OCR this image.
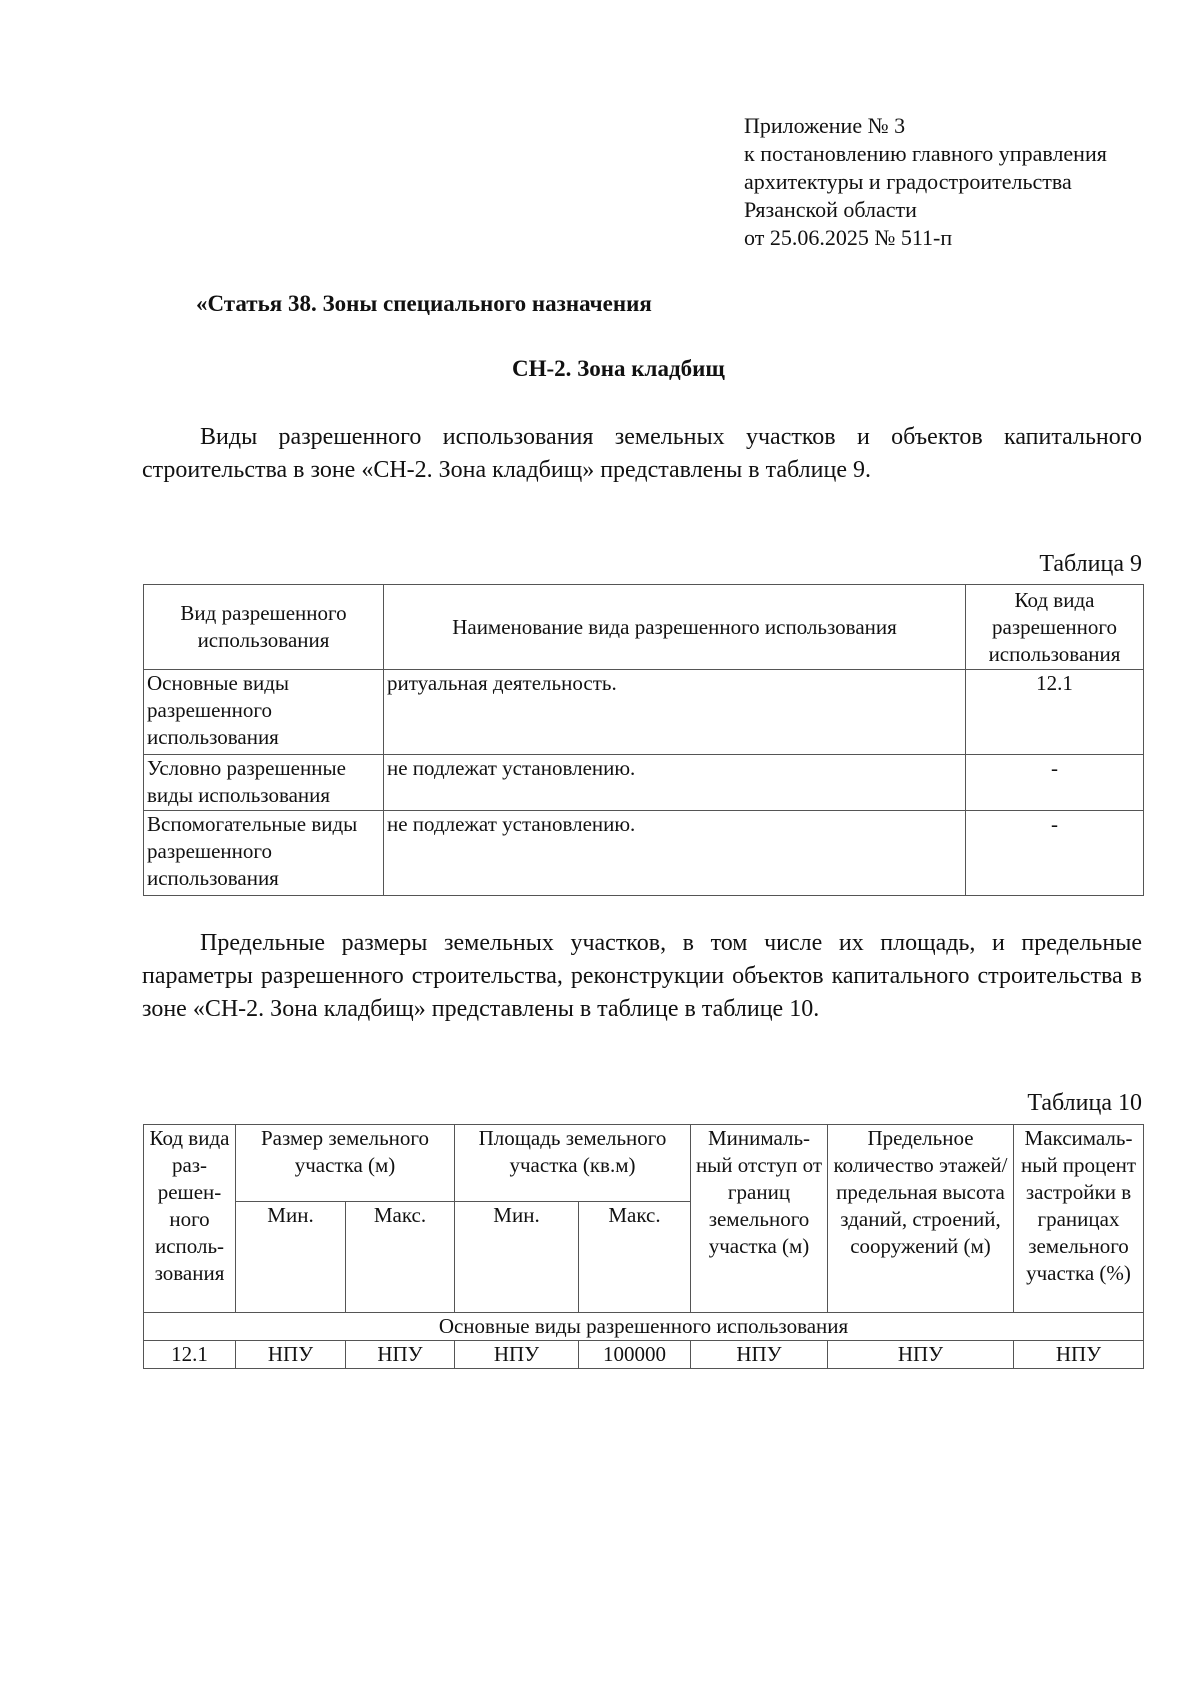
Приложение № 3
к постановлению главного управления
архитектуры и градостроительства
Рязанской области
от 25.06.2025 № 511-п
«Статья 38. Зоны специального назначения
СН-2. Зона кладбищ

Виды разрешенного использования земельных участков и объектов капитального строительства в зоне «СН-2. Зона кладбищ» представлены в таблице 9.

Таблица 9
Вид разрешенного использования	Наименование вида разрешенного использования	Код вида разрешенного использования
Основные виды разрешенного использования	ритуальная деятельность.	12.1
Условно разрешенные виды использования	не подлежат установлению.	-
Вспомогательные виды разрешенного использования	не подлежат установлению.	-

Предельные размеры земельных участков, в том числе их площадь, и предельные параметры разрешенного строительства, реконструкции объектов капитального строительства в зоне «СН-2. Зона кладбищ» представлены в таблице в таблице 10.

Таблица 10
Код вида раз- решен- ного исполь- зования	Размер земельного участка (м)		Площадь земельного участка (кв.м)		Минималь- ный отступ от границ земельного участка (м)	Предельное количество этажей/ предельная высота зданий, строений, сооружений (м)	Максималь- ный процент застройки в границах земельного участка (%)
	Мин.	Макс.	Мин.	Макс.			
Основные виды разрешенного использования							
12.1	НПУ	НПУ	НПУ	100000	НПУ	НПУ	НПУ
